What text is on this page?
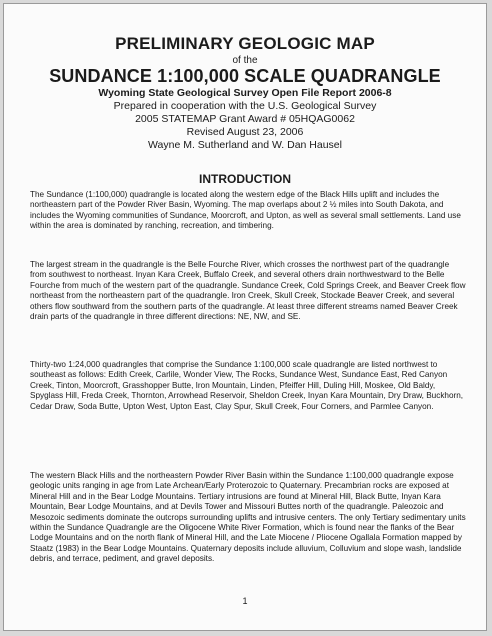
PRELIMINARY GEOLOGIC MAP
of the
SUNDANCE 1:100,000 SCALE QUADRANGLE
Wyoming State Geological Survey Open File Report 2006-8
Prepared in cooperation with the U.S. Geological Survey
2005 STATEMAP Grant Award # 05HQAG0062
Revised August 23, 2006
Wayne M. Sutherland and W. Dan Hausel
INTRODUCTION
The Sundance (1:100,000) quadrangle is located along the western edge of the Black Hills uplift and includes the northeastern part of the Powder River Basin, Wyoming. The map overlaps about 2 ½ miles into South Dakota, and includes the Wyoming communities of Sundance, Moorcroft, and Upton, as well as several small settlements. Land use within the area is dominated by ranching, recreation, and timbering.
The largest stream in the quadrangle is the Belle Fourche River, which crosses the northwest part of the quadrangle from southwest to northeast. Inyan Kara Creek, Buffalo Creek, and several others drain northwestward to the Belle Fourche from much of the western part of the quadrangle. Sundance Creek, Cold Springs Creek, and Beaver Creek flow northeast from the northeastern part of the quadrangle. Iron Creek, Skull Creek, Stockade Beaver Creek, and several others flow southward from the southern parts of the quadrangle. At least three different streams named Beaver Creek drain parts of the quadrangle in three different directions: NE, NW, and SE.
Thirty-two 1:24,000 quadrangles that comprise the Sundance 1:100,000 scale quadrangle are listed northwest to southeast as follows: Edith Creek, Carlile, Wonder View, The Rocks, Sundance West, Sundance East, Red Canyon Creek, Tinton, Moorcroft, Grasshopper Butte, Iron Mountain, Linden, Pfeiffer Hill, Duling Hill, Moskee, Old Baldy, Spyglass Hill, Freda Creek, Thornton, Arrowhead Reservoir, Sheldon Creek, Inyan Kara Mountain, Dry Draw, Buckhorn, Cedar Draw, Soda Butte, Upton West, Upton East, Clay Spur, Skull Creek, Four Corners, and Parmlee Canyon.
The western Black Hills and the northeastern Powder River Basin within the Sundance 1:100,000 quadrangle expose geologic units ranging in age from Late Archean/Early Proterozoic to Quaternary. Precambrian rocks are exposed at Mineral Hill and in the Bear Lodge Mountains. Tertiary intrusions are found at Mineral Hill, Black Butte, Inyan Kara Mountain, Bear Lodge Mountains, and at Devils Tower and Missouri Buttes north of the quadrangle. Paleozoic and Mesozoic sediments dominate the outcrops surrounding uplifts and intrusive centers. The only Tertiary sedimentary units within the Sundance Quadrangle are the Oligocene White River Formation, which is found near the flanks of the Bear Lodge Mountains and on the north flank of Mineral Hill, and the Late Miocene / Pliocene Ogallala Formation mapped by Staatz (1983) in the Bear Lodge Mountains. Quaternary deposits include alluvium, Colluvium and slope wash, landslide debris, and terrace, pediment, and gravel deposits.
1
